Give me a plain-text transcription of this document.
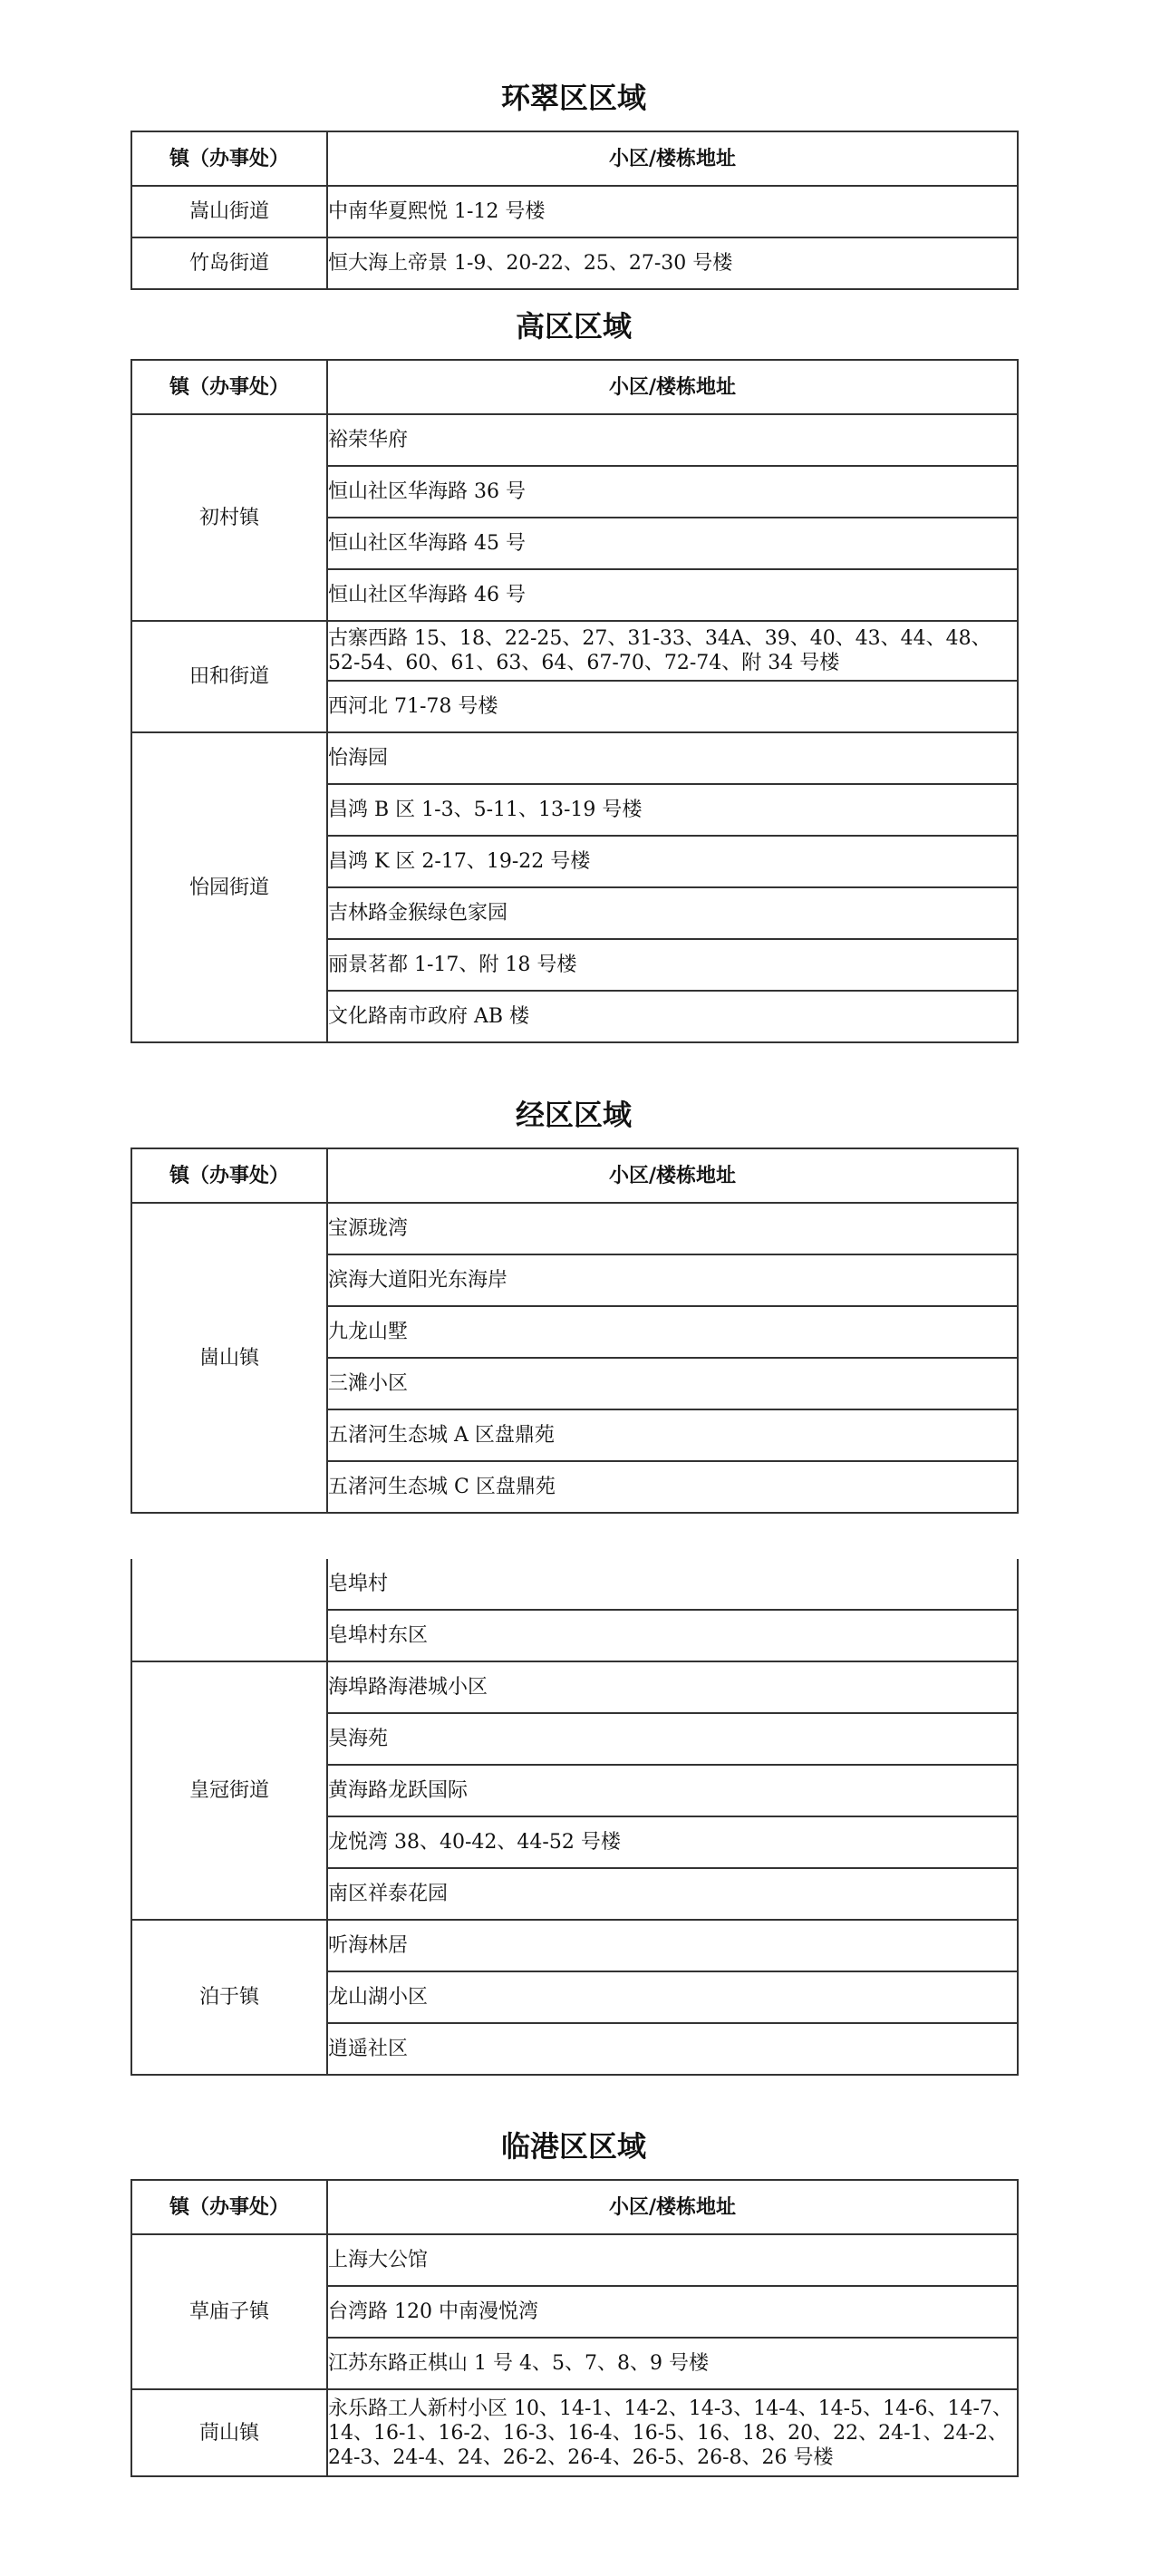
环翠区区域
镇（办事处）	小区/楼栋地址
嵩山街道	中南华夏熙悦 1-12 号楼
竹岛街道	恒大海上帝景 1-9、20-22、25、27-30 号楼
高区区域
镇（办事处）	小区/楼栋地址
初村镇	裕荣华府
	恒山社区华海路 36 号
	恒山社区华海路 45 号
	恒山社区华海路 46 号
田和街道	古寨西路 15、18、22-25、27、31-33、34A、39、40、43、44、48、52-54、60、61、63、64、67-70、72-74、附 34 号楼
	西河北 71-78 号楼
怡园街道	怡海园
	昌鸿 B 区 1-3、5-11、13-19 号楼
	昌鸿 K 区 2-17、19-22 号楼
	吉林路金猴绿色家园
	丽景茗都 1-17、附 18 号楼
	文化路南市政府 AB 楼
经区区域
镇（办事处）	小区/楼栋地址
崮山镇	宝源珑湾
	滨海大道阳光东海岸
	九龙山墅
	三滩小区
	五渚河生态城 A 区盘鼎苑
	五渚河生态城 C 区盘鼎苑
	皂埠村
	皂埠村东区
皇冠街道	海埠路海港城小区
	昊海苑
	黄海路龙跃国际
	龙悦湾 38、40-42、44-52 号楼
	南区祥泰花园
泊于镇	听海林居
	龙山湖小区
	逍遥社区
临港区区域
镇（办事处）	小区/楼栋地址
草庙子镇	上海大公馆
	台湾路 120 中南漫悦湾
	江苏东路正棋山 1 号 4、5、7、8、9 号楼
茼山镇	永乐路工人新村小区 10、14-1、14-2、14-3、14-4、14-5、14-6、14-7、14、16-1、16-2、16-3、16-4、16-5、16、18、20、22、24-1、24-2、24-3、24-4、24、26-2、26-4、26-5、26-8、26 号楼
